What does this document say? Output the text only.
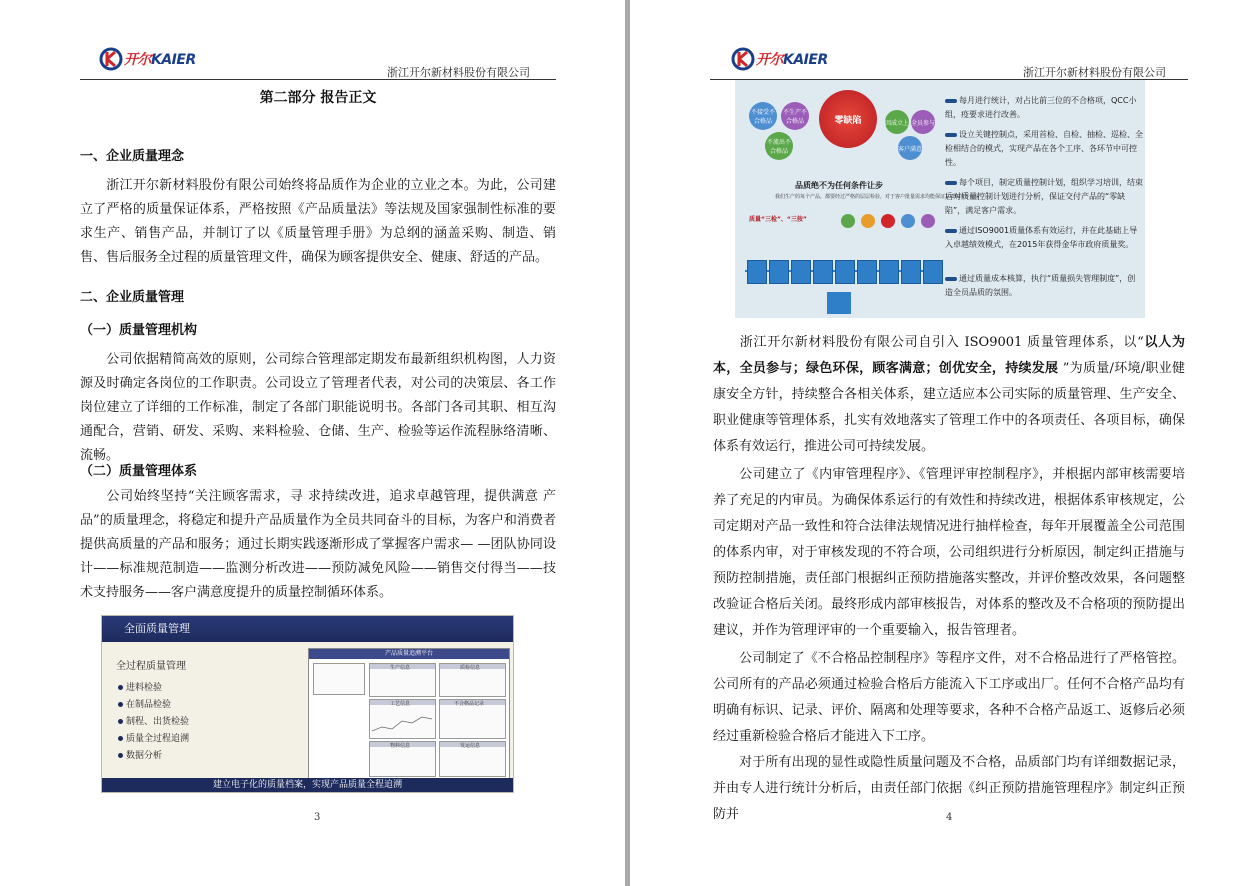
开尔KAIER
浙江开尔新材料股份有限公司
第二部分 报告正文
一、企业质量理念
浙江开尔新材料股份有限公司始终将品质作为企业的立业之本。为此，公司建立了严格的质量保证体系，严格按照《产品质量法》等法规及国家强制性标准的要求生产、销售产品，并制订了以《质量管理手册》为总纲的涵盖采购、制造、销售、售后服务全过程的质量管理文件，确保为顾客提供安全、健康、舒适的产品。
二、企业质量管理
（一）质量管理机构
公司依据精简高效的原则，公司综合管理部定期发布最新组织机构图，人力资源及时确定各岗位的工作职责。公司设立了管理者代表，对公司的决策层、各工作岗位建立了详细的工作标准，制定了各部门职能说明书。各部门各司其职、相互沟通配合，营销、研发、采购、来料检验、仓储、生产、检验等运作流程脉络清晰、流畅。
（二）质量管理体系
公司始终坚持“关注顾客需求，寻 求持续改进，追求卓越管理，提供满意 产品”的质量理念，将稳定和提升产品质量作为全员共同奋斗的目标，为客户和消费者提供高质量的产品和服务；通过长期实践逐渐形成了掌握客户需求— —团队协同设计——标准规范制造——监测分析改进——预防减免风险——销售交付得当——技术支持服务——客户满意度提升的质量控制循环体系。
全面质量管理
全过程质量管理
进料检验
在制品检验
制程、出货检验
质量全过程追溯
数据分析
产品质量追溯平台
生产信息	质检信息
工艺信息	不合格品记录
物料信息	发运信息
建立电子化的质量档案，实现产品质量全程追溯
3
开尔KAIER
浙江开尔新材料股份有限公司
不接受不合格品
不生产不合格品
不流出不合格品
零缺陷	因成立上 全员参与
客户满意
品质绝不为任何条件让步
我们生产的每个产品，都要经过严格的层层检验，对于客户批量需求均能保证100%的不良品
质量“三检”、“三按”
每月进行统计，对占比前三位的不合格项，QCC小组，疫要求进行改善。
设立关键控制点，采用首检、自检、抽检、巡检、全检相结合的模式，实现产品在各个工序、各环节中可控性。
每个项目，制定质量控制计划，组织学习培训，结束后对质量控制计划进行分析，保证交付产品的“零缺陷”，满足客户需求。
通过ISO9001质量体系有效运行，并在此基础上导入卓越绩效模式，在2015年获得金华市政府质量奖。
通过质量成本核算，执行“质量损失管理制度”，创造全员品质的氛围。
浙江开尔新材料股份有限公司自引入 ISO9001 质量管理体系，以“以人为本，全员参与；绿色环保，顾客满意；创优安全，持续发展 ”为质量/环境/职业健康安全方针，持续整合各相关体系，建立适应本公司实际的质量管理、生产安全、职业健康等管理体系，扎实有效地落实了管理工作中的各项责任、各项目标，确保体系有效运行，推进公司可持续发展。
公司建立了《内审管理程序》、《管理评审控制程序》，并根据内部审核需要培养了充足的内审员。为确保体系运行的有效性和持续改进，根据体系审核规定，公司定期对产品一致性和符合法律法规情况进行抽样检查，每年开展覆盖全公司范围的体系内审，对于审核发现的不符合项，公司组织进行分析原因，制定纠正措施与预防控制措施，责任部门根据纠正预防措施落实整改，并评价整改效果，各问题整改验证合格后关闭。最终形成内部审核报告，对体系的整改及不合格项的预防提出建议，并作为管理评审的一个重要输入，报告管理者。
公司制定了《不合格品控制程序》等程序文件，对不合格品进行了严格管控。公司所有的产品必须通过检验合格后方能流入下工序或出厂。任何不合格产品均有明确有标识、记录、评价、隔离和处理等要求，各种不合格产品返工、返修后必须经过重新检验合格后才能进入下工序。
对于所有出现的显性或隐性质量问题及不合格，品质部门均有详细数据记录，并由专人进行统计分析后，由责任部门依据《纠正预防措施管理程序》制定纠正预防并	4
